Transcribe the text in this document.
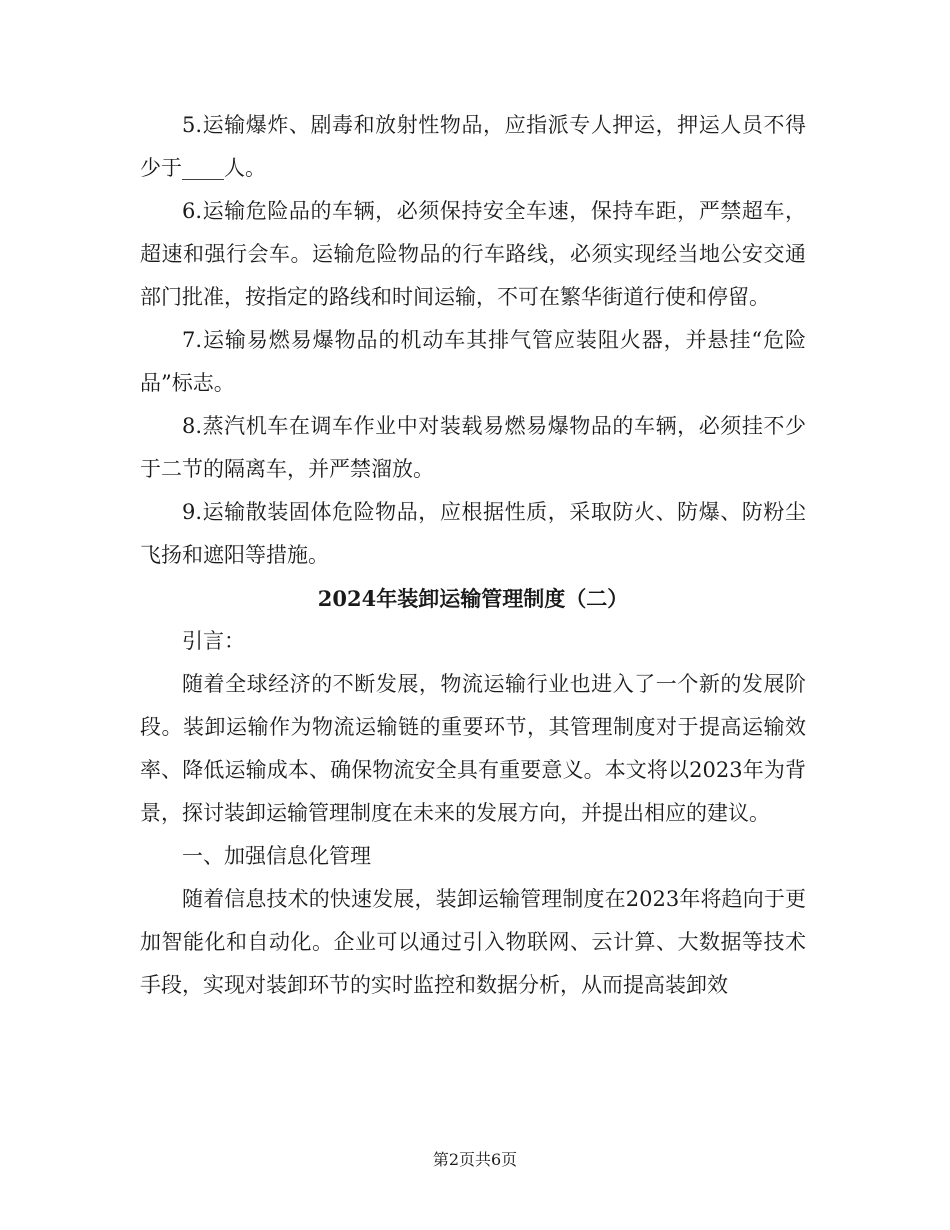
5.运输爆炸、剧毒和放射性物品，应指派专人押运，押运人员不得少于____人。

6.运输危险品的车辆，必须保持安全车速，保持车距，严禁超车，超速和强行会车。运输危险物品的行车路线，必须实现经当地公安交通部门批准，按指定的路线和时间运输，不可在繁华街道行使和停留。

7.运输易燃易爆物品的机动车其排气管应装阻火器，并悬挂“危险品”标志。

8.蒸汽机车在调车作业中对装载易燃易爆物品的车辆，必须挂不少于二节的隔离车，并严禁溜放。

9.运输散装固体危险物品，应根据性质，采取防火、防爆、防粉尘飞扬和遮阳等措施。

2024年装卸运输管理制度（二）

引言：

随着全球经济的不断发展，物流运输行业也进入了一个新的发展阶段。装卸运输作为物流运输链的重要环节，其管理制度对于提高运输效率、降低运输成本、确保物流安全具有重要意义。本文将以2023年为背景，探讨装卸运输管理制度在未来的发展方向，并提出相应的建议。

一、加强信息化管理

随着信息技术的快速发展，装卸运输管理制度在2023年将趋向于更加智能化和自动化。企业可以通过引入物联网、云计算、大数据等技术手段，实现对装卸环节的实时监控和数据分析，从而提高装卸效

第2页共6页
